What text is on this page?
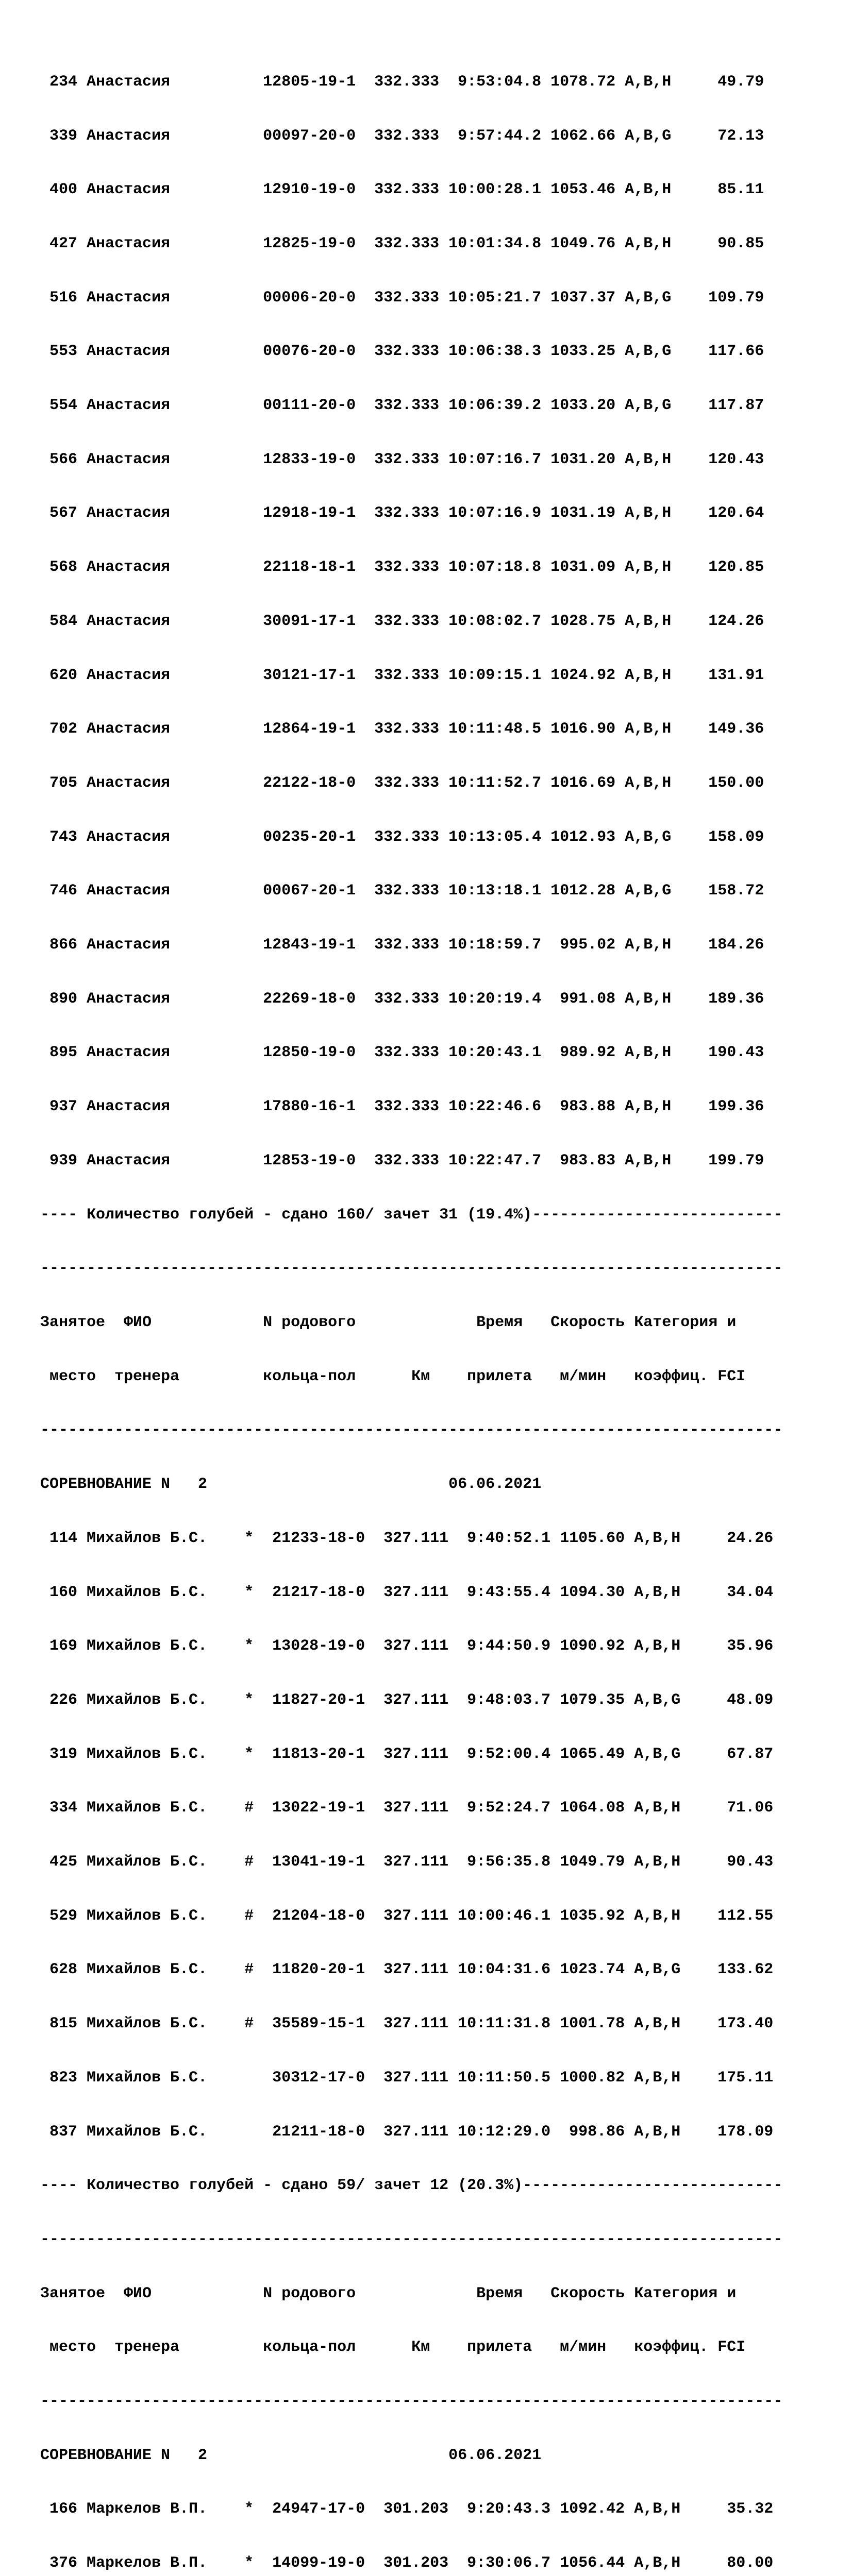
234 Анастасия          12805-19-1  332.333  9:53:04.8 1078.72 A,B,H     49.79

339 Анастасия          00097-20-0  332.333  9:57:44.2 1062.66 A,B,G     72.13

400 Анастасия          12910-19-0  332.333 10:00:28.1 1053.46 A,B,H     85.11

427 Анастасия          12825-19-0  332.333 10:01:34.8 1049.76 A,B,H     90.85

516 Анастасия          00006-20-0  332.333 10:05:21.7 1037.37 A,B,G    109.79

553 Анастасия          00076-20-0  332.333 10:06:38.3 1033.25 A,B,G    117.66

554 Анастасия          00111-20-0  332.333 10:06:39.2 1033.20 A,B,G    117.87

566 Анастасия          12833-19-0  332.333 10:07:16.7 1031.20 A,B,H    120.43

567 Анастасия          12918-19-1  332.333 10:07:16.9 1031.19 A,B,H    120.64

568 Анастасия          22118-18-1  332.333 10:07:18.8 1031.09 A,B,H    120.85

584 Анастасия          30091-17-1  332.333 10:08:02.7 1028.75 A,B,H    124.26

620 Анастасия          30121-17-1  332.333 10:09:15.1 1024.92 A,B,H    131.91

702 Анастасия          12864-19-1  332.333 10:11:48.5 1016.90 A,B,H    149.36

705 Анастасия          22122-18-0  332.333 10:11:52.7 1016.69 A,B,H    150.00

743 Анастасия          00235-20-1  332.333 10:13:05.4 1012.93 A,B,G    158.09

746 Анастасия          00067-20-1  332.333 10:13:18.1 1012.28 A,B,G    158.72

866 Анастасия          12843-19-1  332.333 10:18:59.7  995.02 A,B,H    184.26

890 Анастасия          22269-18-0  332.333 10:20:19.4  991.08 A,B,H    189.36

895 Анастасия          12850-19-0  332.333 10:20:43.1  989.92 A,B,H    190.43

937 Анастасия          17880-16-1  332.333 10:22:46.6  983.88 A,B,H    199.36

939 Анастасия          12853-19-0  332.333 10:22:47.7  983.83 A,B,H    199.79

---- Количество голубей - сдано 160/ зачет 31 (19.4%)---------------------------

--------------------------------------------------------------------------------

Занятое  ФИО            N родового             Время   Скорость Категория и

место  тренера         кольца-пол      Км    прилета   м/мин   коэффиц. FCI

--------------------------------------------------------------------------------

СОРЕВНОВАНИЕ N   2                          06.06.2021

114 Михайлов Б.С.    *  21233-18-0  327.111  9:40:52.1 1105.60 A,B,H     24.26

160 Михайлов Б.С.    *  21217-18-0  327.111  9:43:55.4 1094.30 A,B,H     34.04

169 Михайлов Б.С.    *  13028-19-0  327.111  9:44:50.9 1090.92 A,B,H     35.96

226 Михайлов Б.С.    *  11827-20-1  327.111  9:48:03.7 1079.35 A,B,G     48.09

319 Михайлов Б.С.    *  11813-20-1  327.111  9:52:00.4 1065.49 A,B,G     67.87

334 Михайлов Б.С.    #  13022-19-1  327.111  9:52:24.7 1064.08 A,B,H     71.06

425 Михайлов Б.С.    #  13041-19-1  327.111  9:56:35.8 1049.79 A,B,H     90.43

529 Михайлов Б.С.    #  21204-18-0  327.111 10:00:46.1 1035.92 A,B,H    112.55

628 Михайлов Б.С.    #  11820-20-1  327.111 10:04:31.6 1023.74 A,B,G    133.62

815 Михайлов Б.С.    #  35589-15-1  327.111 10:11:31.8 1001.78 A,B,H    173.40

823 Михайлов Б.С.       30312-17-0  327.111 10:11:50.5 1000.82 A,B,H    175.11

837 Михайлов Б.С.       21211-18-0  327.111 10:12:29.0  998.86 A,B,H    178.09

---- Количество голубей - сдано 59/ зачет 12 (20.3%)----------------------------

--------------------------------------------------------------------------------

Занятое  ФИО            N родового             Время   Скорость Категория и

место  тренера         кольца-пол      Км    прилета   м/мин   коэффиц. FCI

--------------------------------------------------------------------------------

СОРЕВНОВАНИЕ N   2                          06.06.2021

166 Маркелов В.П.    *  24947-17-0  301.203  9:20:43.3 1092.42 A,B,H     35.32

376 Маркелов В.П.    *  14099-19-0  301.203  9:30:06.7 1056.44 A,B,H     80.00
